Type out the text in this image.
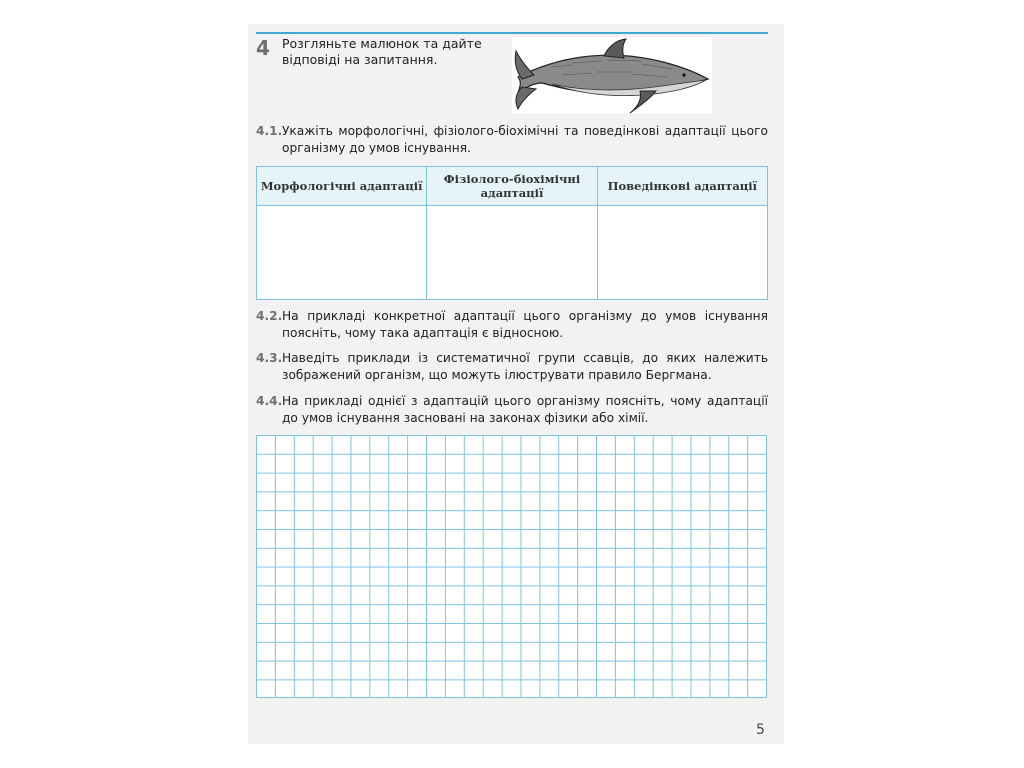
4 Розгляньте малюнок та дайте відповіді на запитання.
4.1. Укажіть морфологічні, фізіолого-біохімічні та поведінкові адаптації цього організму до умов існування.
Морфологічні адаптації	Фізіолого-біохімічні адаптації	Поведінкові адаптації

4.2. На прикладі конкретної адаптації цього організму до умов існування поясніть, чому така адаптація є відносною.
4.3. Наведіть приклади із систематичної групи ссавців, до яких належить зображений організм, що можуть ілюструвати правило Бергмана.
4.4. На прикладі однієї з адаптацій цього організму поясніть, чому адаптації до умов існування засновані на законах фізики або хімії.
5
